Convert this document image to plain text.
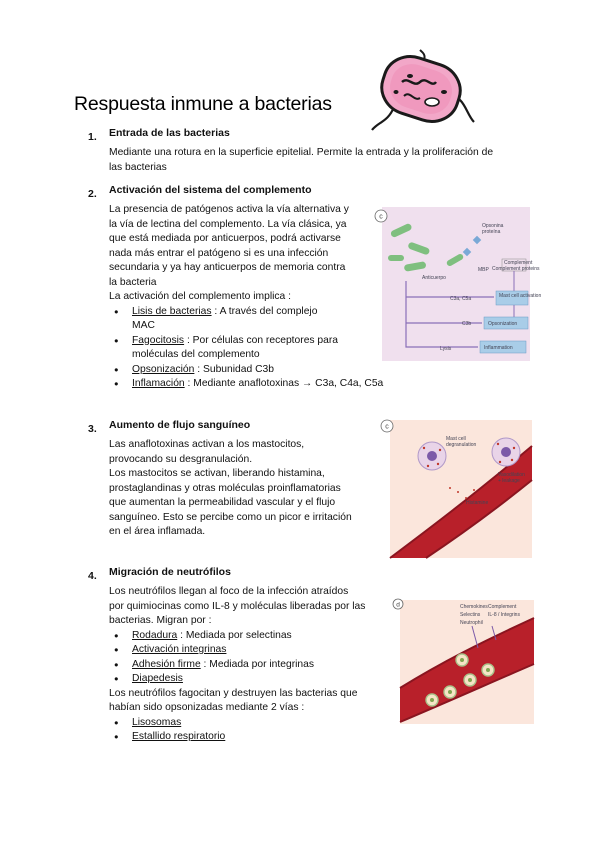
Respuesta inmune a bacterias
1. Entrada de las bacterias
Mediante una rotura en la superficie epitelial. Permite la entrada y la proliferación de
las bacterias
2. Activación del sistema del complemento
La presencia de patógenos activa la vía alternativa y
la vía de lectina del complemento. La vía clásica, ya
que está mediada por anticuerpos, podrá activarse
nada más entrar el patógeno si es una infección
secundaria y ya hay anticuerpos de memoria contra
la bacteria
La activación del complemento implica :
● Lisis de bacterias : A través del complejo
MAC
● Fagocitosis : Por células con receptores para
moléculas del complemento
● Opsonización : Subunidad C3b
● Inflamación : Mediante anaflotoxinas → C3a, C4a, C5a
c
Opsonina
proteína
MBP
Anticuerpo
Complement
Complement proteins
C3a, C5a
C3b
Mast cell activation
Opsonization
Lysis	Inflammation
3. Aumento de flujo sanguíneo
Las anaflotoxinas activan a los mastocitos,
provocando su desgranulación.
Los mastocitos se activan, liberando histamina,
prostaglandinas y otras moléculas proinflamatorias
que aumentan la permeabilidad vascular y el flujo
sanguíneo. Esto se percibe como un picor e irritación
en el área inflamada.
c
Mast cell
degranulation
Vasodilation
+ leakage
Histamine
4. Migración de neutrófilos
Los neutrófilos llegan al foco de la infección atraídos
por quimiocinas como IL-8 y moléculas liberadas por las
bacterias. Migran por :
● Rodadura : Mediada por selectinas
● Activación integrinas
● Adhesión firme : Mediada por integrinas
● Diapedesis
Los neutrófilos fagocitan y destruyen las bacterias que
habían sido opsonizadas mediante 2 vías :
● Lisosomas
● Estallido respiratorio
d	Chemokines Complement
Selectins IL-8 / Integrins
Neutrophil
